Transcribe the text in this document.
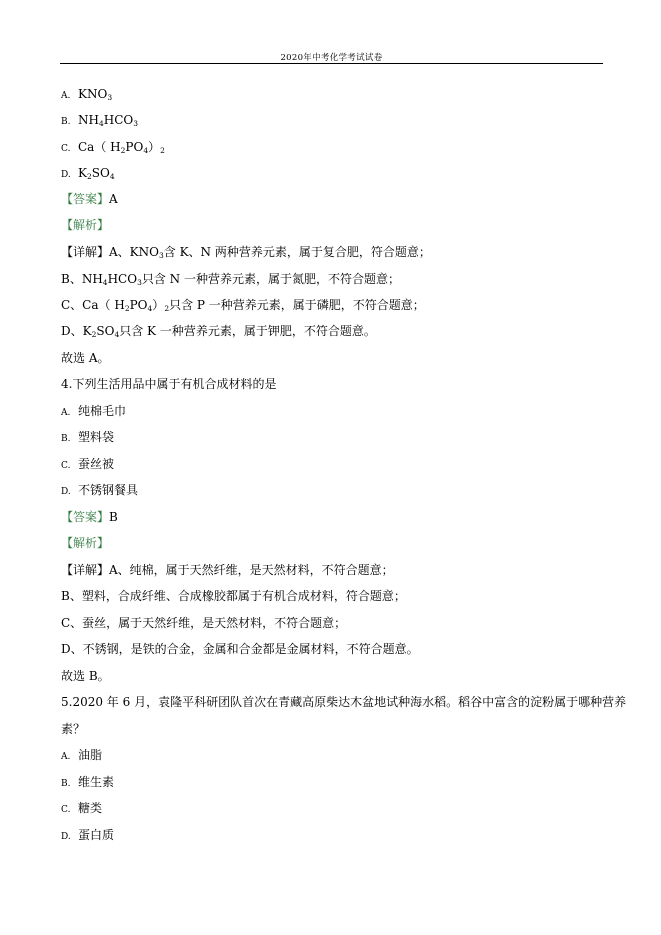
2020年中考化学考试试卷
A. $KNO_3$
B. $NH_4HCO_3$
C. Ca（ $H_2PO_4)_2$
D. $K_2SO_4$
【答案】A
【解析】
【详解】A、$KNO_3$含 K、N 两种营养元素，属于复合肥，符合题意；
B、$NH_4HCO_3$只含 N 一种营养元素，属于氮肥，不符合题意；
C、Ca（ $H_2PO_4)_2$只含 P 一种营养元素，属于磷肥，不符合题意；
D、$K_2SO_4$只含 K 一种营养元素，属于钾肥，不符合题意。
故选 A。
4.下列生活用品中属于有机合成材料的是
A. 纯棉毛巾
B. 塑料袋
C. 蚕丝被
D. 不锈钢餐具
【答案】B
【解析】
【详解】A、纯棉，属于天然纤维，是天然材料，不符合题意；
B、塑料，合成纤维、合成橡胶都属于有机合成材料，符合题意；
C、蚕丝，属于天然纤维，是天然材料，不符合题意；
D、不锈钢，是铁的合金，金属和合金都是金属材料，不符合题意。
故选 B。
5.2020 年 6 月，袁隆平科研团队首次在青藏高原柴达木盆地试种海水稻。稻谷中富含的淀粉属于哪种营养
素？
A. 油脂
B. 维生素
C. 糖类
D. 蛋白质
